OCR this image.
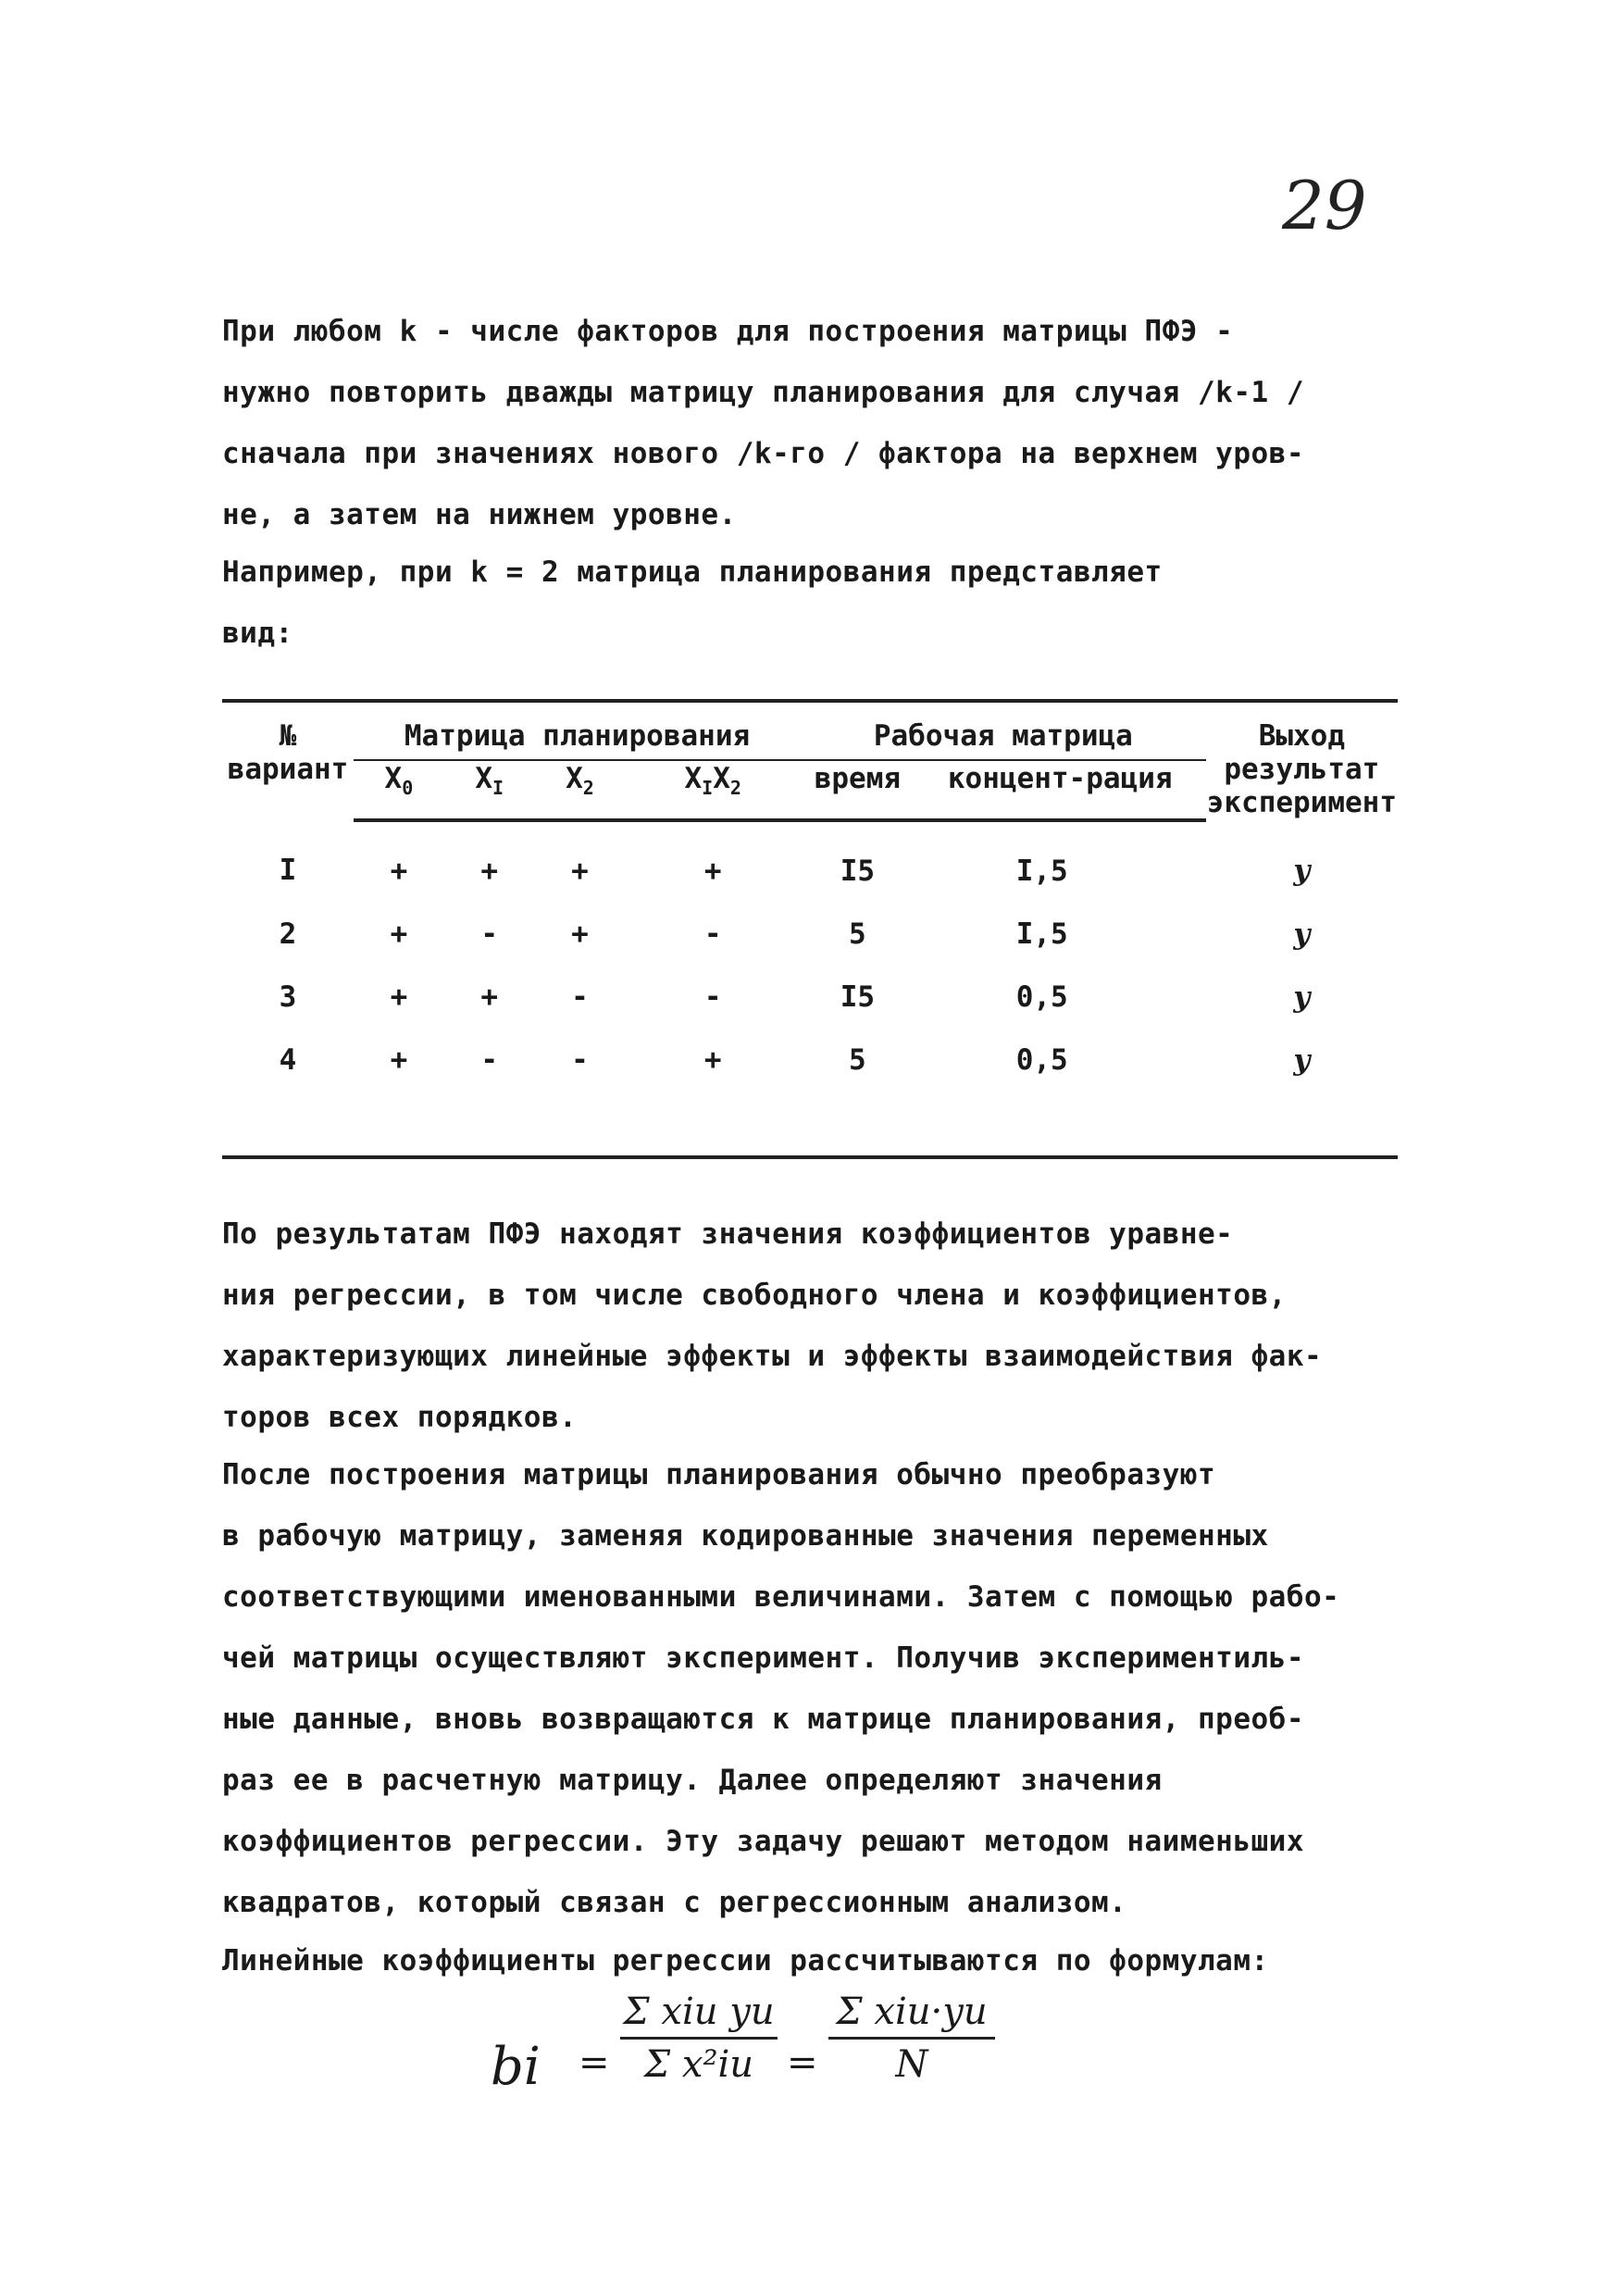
29
При любом k - числе факторов для построения матрицы ПФЭ -
нужно повторить дважды матрицу планирования для случая /k-1 /
сначала при значениях нового /k-го / фактора на верхнем уров-
не, а затем на нижнем уровне.
Например, при k = 2 матрица планирования представляет
вид:
№ вариант	Матрица планирования				Рабочая матрица		Выход результат эксперимент
	$X_0$	$X_I$	$X_2$	$X_IX_2$	время	концент-рация	
I	+	+	+	+	I5	I,5	y
2	+	-	+	-	5	I,5	y
3	+	+	-	-	I5	0,5	y
4	+	-	-	+	5	0,5	y
По результатам ПФЭ находят значения коэффициентов уравне-
ния регрессии, в том числе свободного члена и коэффициентов,
характеризующих линейные эффекты и эффекты взаимодействия фак-
торов всех порядков.
После построения матрицы планирования обычно преобразуют
в рабочую матрицу, заменяя кодированные значения переменных
соответствующими именованными величинами. Затем с помощью рабо-
чей матрицы осуществляют эксперимент. Получив экспериментиль-
ные данные, вновь возвращаются к матрице планирования, преоб-
раз ее в расчетную матрицу. Далее определяют значения
коэффициентов регрессии. Эту задачу решают методом наименьших
квадратов, который связан с регрессионным анализом.
Линейные коэффициенты регрессии рассчитываются по формулам:
bi =
Σ xiu yu
Σ x²iu =
Σ xiu·yu
N
